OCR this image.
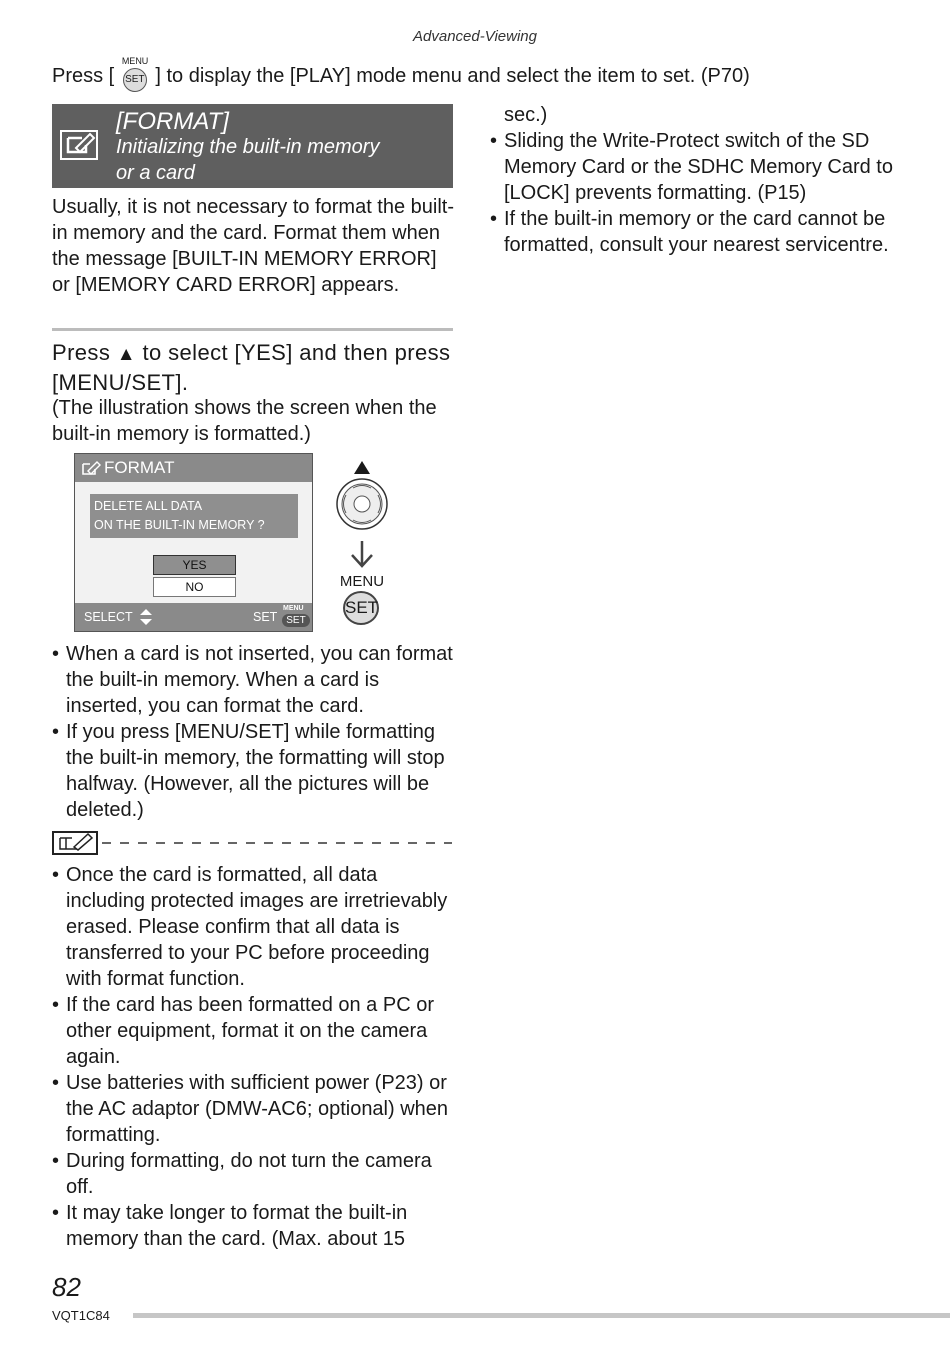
Advanced-Viewing
Press [
MENU
SET ] to display the [PLAY] mode menu and select the item to set. (P70)
[FORMAT]
Initializing the built-in memory
or a card
Usually, it is not necessary to format the built-in memory and the card. Format them when the message [BUILT-IN MEMORY ERROR] or [MEMORY CARD ERROR] appears.
Press ▲ to select [YES] and then press [MENU/SET].
(The illustration shows the screen when the built-in memory is formatted.)
FORMAT
DELETE ALL DATA
ON THE BUILT-IN MEMORY ?
YES
NO
SELECT	SET
MENU
SET
MENU
SET
• When a card is not inserted, you can format the built-in memory. When a card is inserted, you can format the card.
• If you press [MENU/SET] while formatting the built-in memory, the formatting will stop halfway. (However, all the pictures will be deleted.)
• Once the card is formatted, all data including protected images are irretrievably erased. Please confirm that all data is transferred to your PC before proceeding with format function.
• If the card has been formatted on a PC or other equipment, format it on the camera again.
• Use batteries with sufficient power (P23) or the AC adaptor (DMW-AC6; optional) when formatting.
• During formatting, do not turn the camera off.
• It may take longer to format the built-in memory than the card. (Max. about 15
sec.)
• Sliding the Write-Protect switch of the SD Memory Card or the SDHC Memory Card to [LOCK] prevents formatting. (P15)
• If the built-in memory or the card cannot be formatted, consult your nearest servicentre.
82
VQT1C84
